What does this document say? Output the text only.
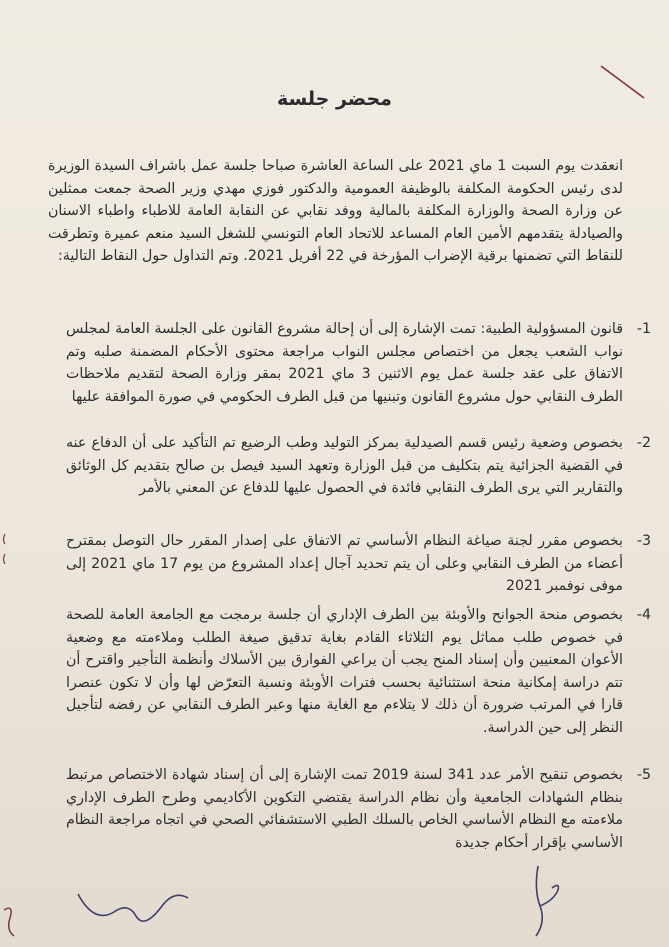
محضر جلسة
انعقدت يوم السبت 1 ماي 2021 على الساعة العاشرة صباحا جلسة عمل باشراف السيدة الوزيرة لدى رئيس الحكومة المكلفة بالوظيفة العمومية والدكتور فوزي مهدي وزير الصحة جمعت ممثلين عن وزارة الصحة والوزارة المكلفة بالمالية ووفد نقابي عن النقابة العامة للاطباء واطباء الاسنان والصيادلة يتقدمهم الأمين العام المساعد للاتحاد العام التونسي للشغل السيد منعم عميرة وتطرقت للنقاط التي تضمنها برقية الإضراب المؤرخة في 22 أفريل 2021. وتم التداول حول النقاط التالية:
-1
قانون المسؤولية الطبية: تمت الإشارة إلى أن إحالة مشروع القانون على الجلسة العامة لمجلس نواب الشعب يجعل من اختصاص مجلس النواب مراجعة محتوى الأحكام المضمنة صلبه وتم الاتفاق على عقد جلسة عمل يوم الاثنين 3 ماي 2021 بمقر وزارة الصحة لتقديم ملاحظات الطرف النقابي حول مشروع القانون وتبنيها من قبل الطرف الحكومي في صورة الموافقة عليها
-2
بخصوص وضعية رئيس قسم الصيدلية بمركز التوليد وطب الرضيع تم التأكيد على أن الدفاع عنه في القضية الجزائية يتم بتكليف من قبل الوزارة وتعهد السيد فيصل بن صالح بتقديم كل الوثائق والتقارير التي يرى الطرف النقابي فائدة في الحصول عليها للدفاع عن المعني بالأمر
-3
بخصوص مقرر لجنة صياغة النظام الأساسي تم الاتفاق على إصدار المقرر حال التوصل بمقترح أعضاء من الطرف النقابي وعلى أن يتم تحديد آجال إعداد المشروع من يوم 17 ماي 2021 إلى موفى نوفمبر 2021
-4
بخصوص منحة الجوانح والأوبئة بين الطرف الإداري أن جلسة برمجت مع الجامعة العامة للصحة في خصوص طلب مماثل يوم الثلاثاء القادم بغاية تدقيق صيغة الطلب وملاءمته مع وضعية الأعوان المعنيين وأن إسناد المنح يجب أن يراعي الفوارق بين الأسلاك وأنظمة التأجير واقترح أن تتم دراسة إمكانية منحة استثنائية بحسب فترات الأوبئة ونسبة التعرّض لها وأن لا تكون عنصرا قارا في المرتب ضرورة أن ذلك لا يتلاءم مع الغاية منها وعبر الطرف النقابي عن رفضه لتأجيل النظر إلى حين الدراسة.
-5
بخصوص تنقيح الأمر عدد 341 لسنة 2019 تمت الإشارة إلى أن إسناد شهادة الاختصاص مرتبط بنظام الشهادات الجامعية وأن نظام الدراسة يقتضي التكوين الأكاديمي وطرح الطرف الإداري ملاءمته مع النظام الأساسي الخاص بالسلك الطبي الاستشفائي الصحي في اتجاه مراجعة النظام الأساسي بإقرار أحكام جديدة
